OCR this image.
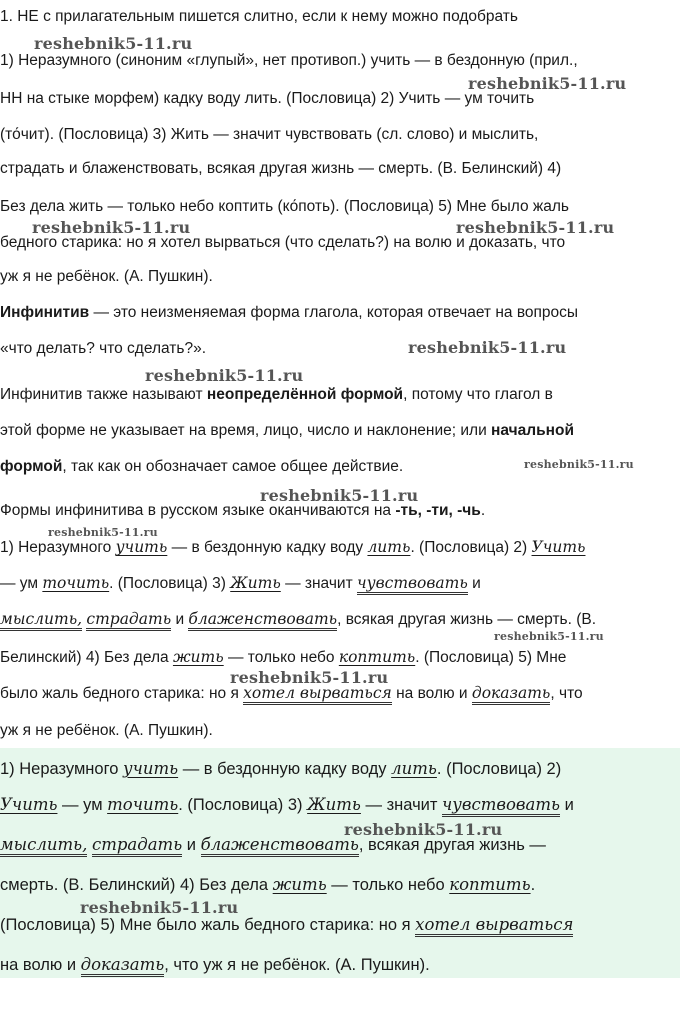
1. НЕ с прилагательным пишется слитно, если к нему можно подобрать
1) Неразумного (синоним «глупый», нет противоп.) учить — в бездонную (прил.,
НН на стыке морфем) кадку воду лить. (Пословица) 2) Учить — ум точить
(то́чит). (Пословица) 3) Жить — значит чувствовать (сл. слово) и мыслить,
страдать и блаженствовать, всякая другая жизнь — смерть. (В. Белинский) 4)
Без дела жить — только небо коптить (ко́поть). (Пословица) 5) Мне было жаль
бедного старика: но я хотел вырваться (что сделать?) на волю и доказать, что
уж я не ребёнок. (А. Пушкин).
Инфинитив — это неизменяемая форма глагола, которая отвечает на вопросы
«что делать? что сделать?».
Инфинитив также называют неопределённой формой, потому что глагол в
этой форме не указывает на время, лицо, число и наклонение; или начальной
формой, так как он обозначает самое общее действие.
Формы инфинитива в русском языке оканчиваются на -ть, -ти, -чь.
1) Неразумного учить — в бездонную кадку воду лить. (Пословица) 2) Учить
— ум точить. (Пословица) 3) Жить — значит чувствовать и
мыслить, страдать и блаженствовать, всякая другая жизнь — смерть. (В.
Белинский) 4) Без дела жить — только небо коптить. (Пословица) 5) Мне
было жаль бедного старика: но я хотел вырваться на волю и доказать, что
уж я не ребёнок. (А. Пушкин).
1) Неразумного учить — в бездонную кадку воду лить. (Пословица) 2)
Учить — ум точить. (Пословица) 3) Жить — значит чувствовать и
мыслить, страдать и блаженствовать, всякая другая жизнь —
смерть. (В. Белинский) 4) Без дела жить — только небо коптить.
(Пословица) 5) Мне было жаль бедного старика: но я хотел вырваться
на волю и доказать, что уж я не ребёнок. (А. Пушкин).
reshebnik5-11.ru
reshebnik5-11.ru
reshebnik5-11.ru	reshebnik5-11.ru
reshebnik5-11.ru
reshebnik5-11.ru
reshebnik5-11.ru
reshebnik5-11.ru
reshebnik5-11.ru
reshebnik5-11.ru
reshebnik5-11.ru
reshebnik5-11.ru
reshebnik5-11.ru
